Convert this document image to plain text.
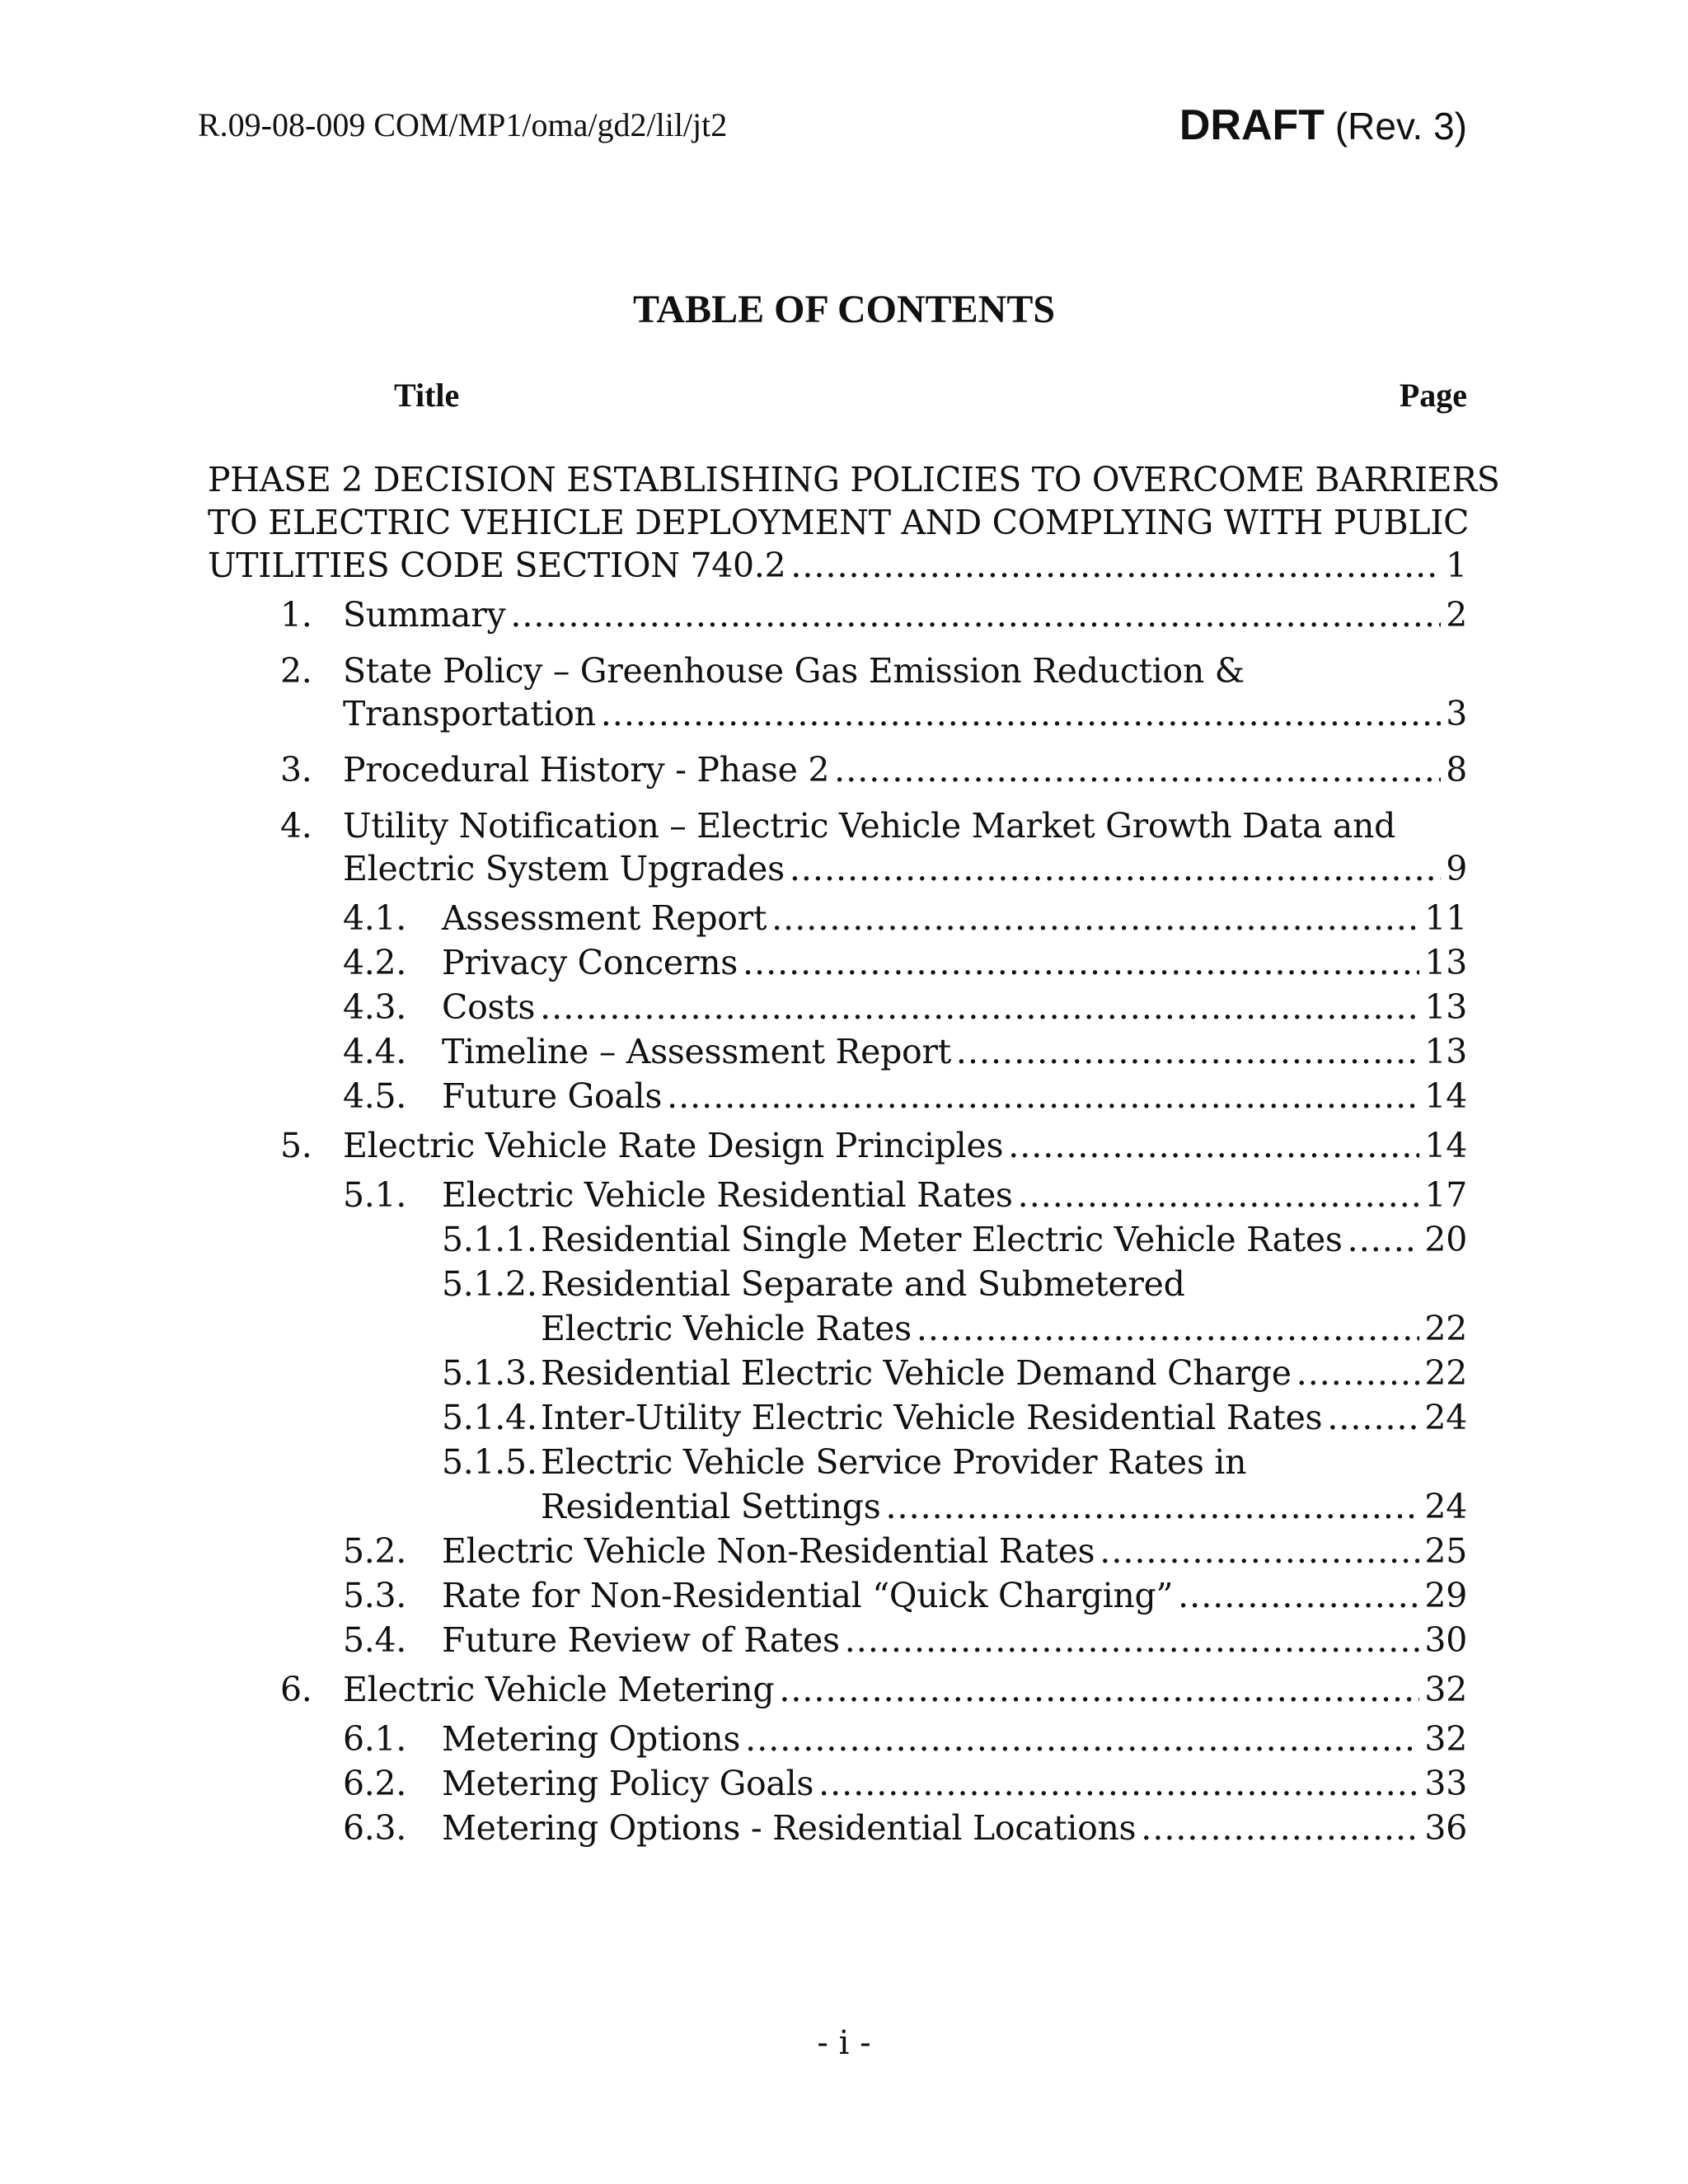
R.09-08-009 COM/MP1/oma/gd2/lil/jt2	DRAFT (Rev. 3)
TABLE OF CONTENTS
Title	Page
PHASE 2 DECISION ESTABLISHING POLICIES TO OVERCOME BARRIERS
TO ELECTRIC VEHICLE DEPLOYMENT AND COMPLYING WITH PUBLIC
UTILITIES CODE SECTION 740.2 .....	1
1. Summary .....	2
2. State Policy – Greenhouse Gas Emission Reduction &
Transportation .....	3
3. Procedural History - Phase 2 .....	8
4. Utility Notification – Electric Vehicle Market Growth Data and
Electric System Upgrades .....	9
4.1. Assessment Report .....	11
4.2. Privacy Concerns .....	13
4.3. Costs .....	13
4.4. Timeline – Assessment Report .....	13
4.5. Future Goals .....	14
5. Electric Vehicle Rate Design Principles .....	14
5.1. Electric Vehicle Residential Rates .....	17
5.1.1. Residential Single Meter Electric Vehicle Rates ..... 20
5.1.2. Residential Separate and Submetered
Electric Vehicle Rates .....	22
5.1.3. Residential Electric Vehicle Demand Charge .....	22
5.1.4. Inter-Utility Electric Vehicle Residential Rates .....	24
5.1.5. Electric Vehicle Service Provider Rates in
Residential Settings .....	24
5.2. Electric Vehicle Non-Residential Rates .....	25
5.3. Rate for Non-Residential “Quick Charging” .....	29
5.4. Future Review of Rates .....	30
6. Electric Vehicle Metering .....	32
6.1. Metering Options .....	32
6.2. Metering Policy Goals .....	33
6.3. Metering Options - Residential Locations .....	36
- i -
